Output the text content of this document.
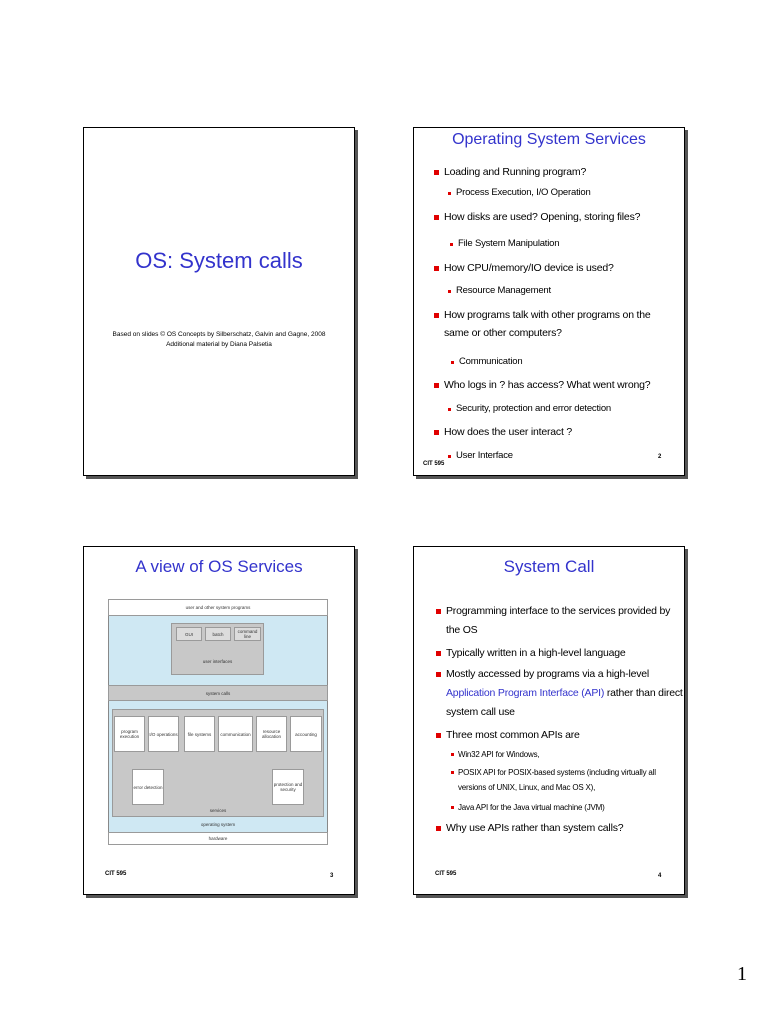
OS: System calls
Based on slides © OS Concepts by Silberschatz, Galvin and Gagne, 2008
Additional material by Diana Palsetia
Operating System Services
Loading and Running program?
Process Execution, I/O Operation
How disks are used? Opening, storing files?
File System Manipulation
How CPU/memory/IO device is used?
Resource Management
How programs talk with other programs on the
same or other computers?
Communication
Who logs in ? has access? What went wrong?
Security, protection and error detection
How does the user interact ?
User Interface
CIT 595
2
A view of OS Services
user and other system programs
GUI	batch	command line
user interfaces
system calls
program execution	I/O operations	file systems	communication	resource allocation	accounting
error detection	protection and security
services
operating system
hardware
CIT 595	3
System Call
Programming interface to the services provided by
the OS
Typically written in a high-level language
Mostly accessed by programs via a high-level
Application Program Interface (API) rather than direct
system call use
Three most common APIs are
Win32 API for Windows,
POSIX API for POSIX-based systems (including virtually all
versions of UNIX, Linux, and Mac OS X),
Java API for the Java virtual machine (JVM)
Why use APIs rather than system calls?
CIT 595	4
1
